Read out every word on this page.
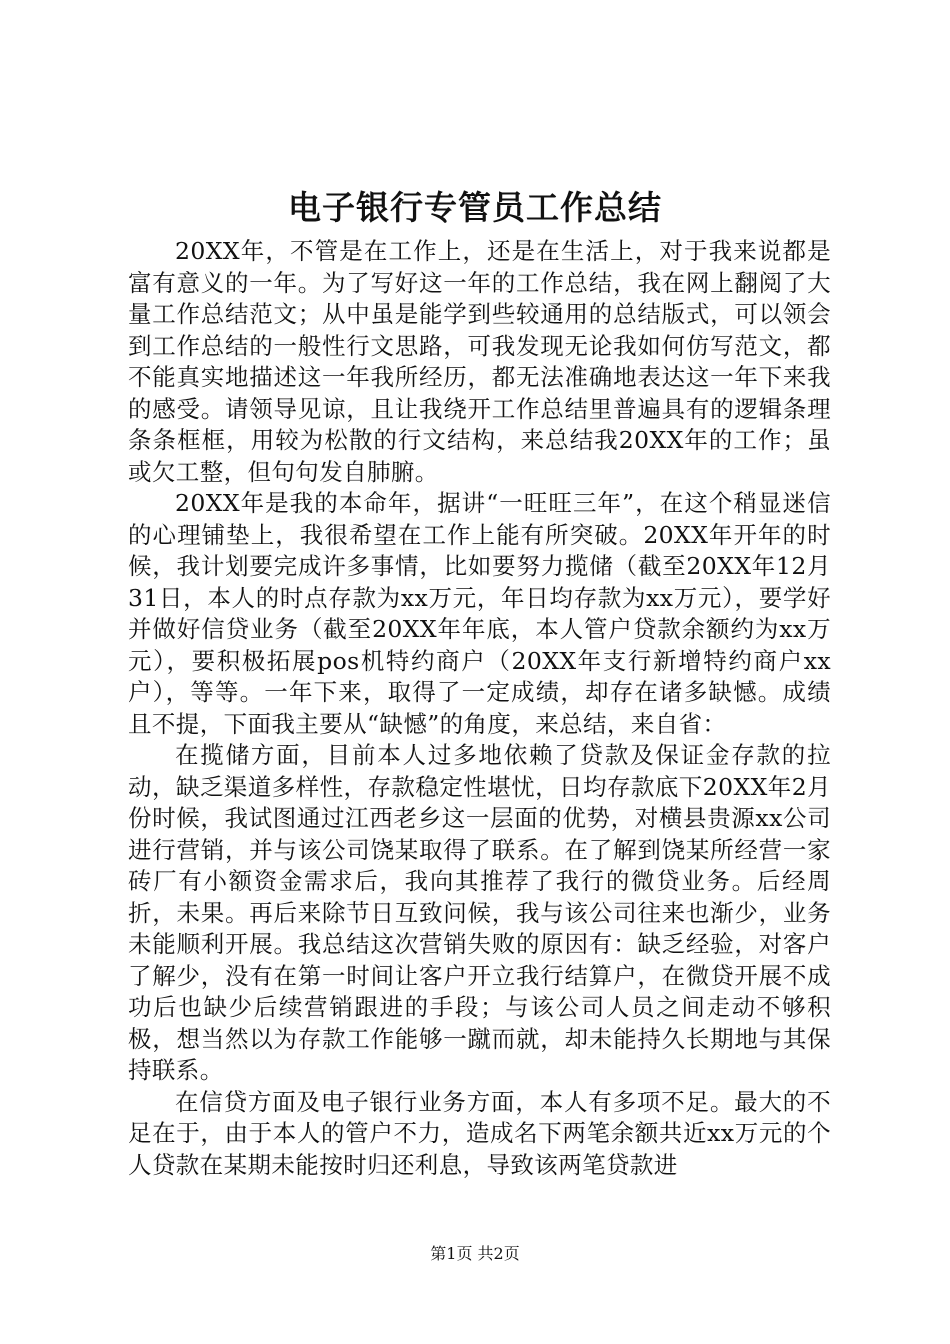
电子银行专管员工作总结

20XX年，不管是在工作上，还是在生活上，对于我来说都是富有意义的一年。为了写好这一年的工作总结，我在网上翻阅了大量工作总结范文；从中虽是能学到些较通用的总结版式，可以领会到工作总结的一般性行文思路，可我发现无论我如何仿写范文，都不能真实地描述这一年我所经历，都无法准确地表达这一年下来我的感受。请领导见谅，且让我绕开工作总结里普遍具有的逻辑条理条条框框，用较为松散的行文结构，来总结我20XX年的工作；虽或欠工整，但句句发自肺腑。

20XX年是我的本命年，据讲“一旺旺三年”，在这个稍显迷信的心理铺垫上，我很希望在工作上能有所突破。20XX年开年的时候，我计划要完成许多事情，比如要努力揽储（截至20XX年12月31日，本人的时点存款为xx万元，年日均存款为xx万元），要学好并做好信贷业务（截至20XX年年底，本人管户贷款余额约为xx万元），要积极拓展pos机特约商户（20XX年支行新增特约商户xx户），等等。一年下来，取得了一定成绩，却存在诸多缺憾。成绩且不提，下面我主要从“缺憾”的角度，来总结，来自省：

在揽储方面，目前本人过多地依赖了贷款及保证金存款的拉动，缺乏渠道多样性，存款稳定性堪忧，日均存款底下20XX年2月份时候，我试图通过江西老乡这一层面的优势，对横县贵源xx公司进行营销，并与该公司饶某取得了联系。在了解到饶某所经营一家砖厂有小额资金需求后，我向其推荐了我行的微贷业务。后经周折，未果。再后来除节日互致问候，我与该公司往来也渐少，业务未能顺利开展。我总结这次营销失败的原因有：缺乏经验，对客户了解少，没有在第一时间让客户开立我行结算户，在微贷开展不成功后也缺少后续营销跟进的手段；与该公司人员之间走动不够积极，想当然以为存款工作能够一蹴而就，却未能持久长期地与其保持联系。

在信贷方面及电子银行业务方面，本人有多项不足。最大的不足在于，由于本人的管户不力，造成名下两笔余额共近xx万元的个人贷款在某期未能按时归还利息，导致该两笔贷款进

第1页 共2页
